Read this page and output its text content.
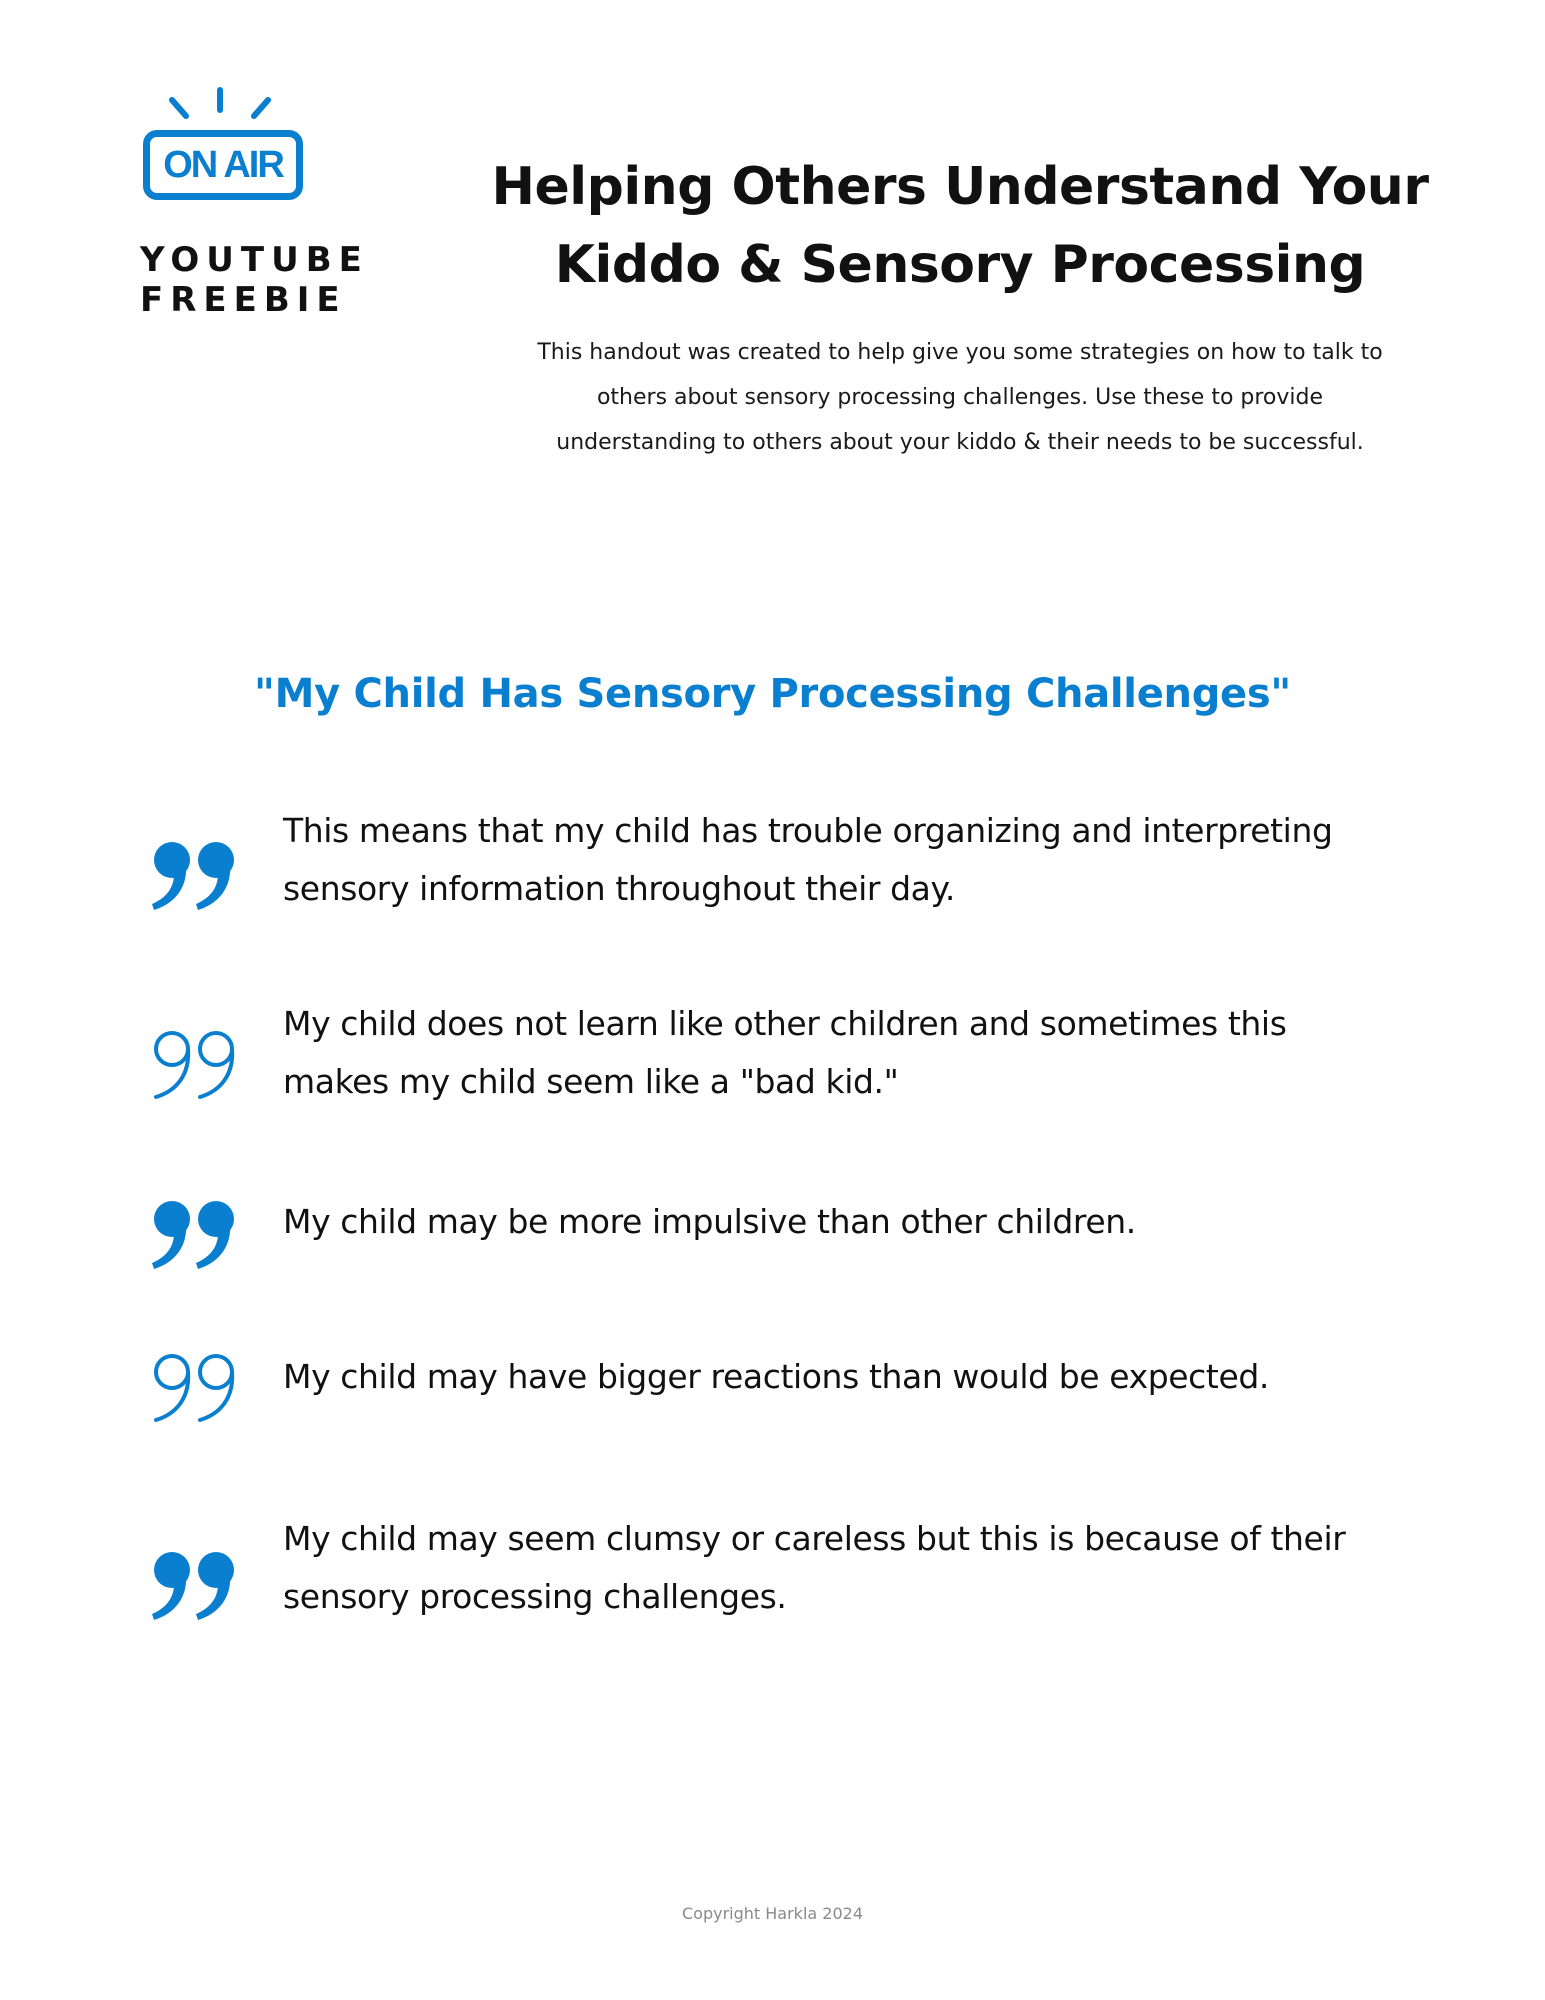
ON AIR
YOUTUBE
FREEBIE
Helping Others Understand Your
Kiddo & Sensory Processing
This handout was created to help give you some strategies on how to talk to
others about sensory processing challenges. Use these to provide
understanding to others about your kiddo & their needs to be successful.
"My Child Has Sensory Processing Challenges"
This means that my child has trouble organizing and interpreting
sensory information throughout their day.
My child does not learn like other children and sometimes this
makes my child seem like a "bad kid."
My child may be more impulsive than other children.
My child may have bigger reactions than would be expected.
My child may seem clumsy or careless but this is because of their
sensory processing challenges.
Copyright Harkla 2024
